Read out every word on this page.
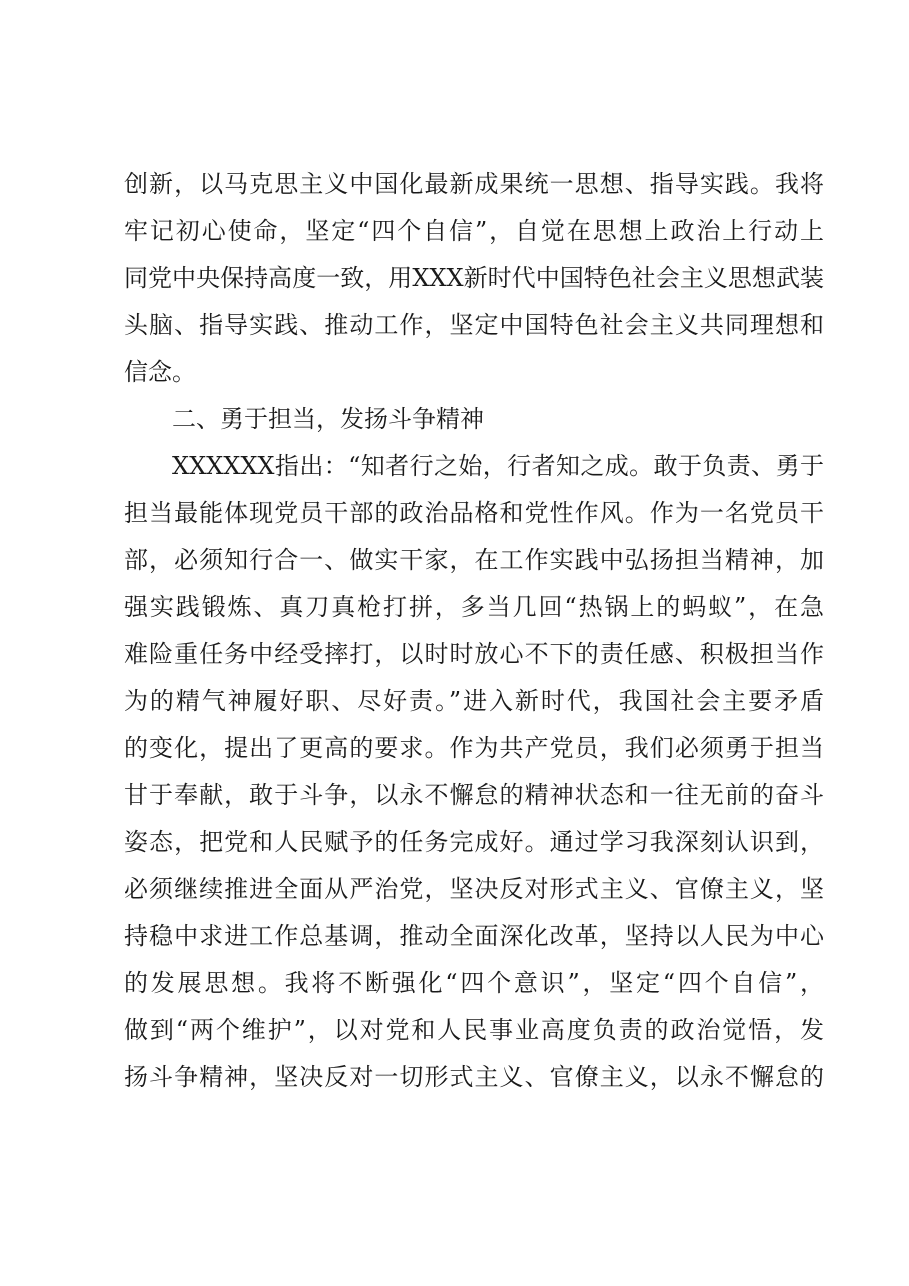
创新，以马克思主义中国化最新成果统一思想、指导实践。我将
牢记初心使命，坚定“四个自信”，自觉在思想上政治上行动上
同党中央保持高度一致，用XXX新时代中国特色社会主义思想武装
头脑、指导实践、推动工作，坚定中国特色社会主义共同理想和
信念。
二、勇于担当，发扬斗争精神
XXXXXX指出：“知者行之始，行者知之成。敢于负责、勇于
担当最能体现党员干部的政治品格和党性作风。作为一名党员干
部，必须知行合一、做实干家，在工作实践中弘扬担当精神，加
强实践锻炼、真刀真枪打拼，多当几回“热锅上的蚂蚁”，在急
难险重任务中经受摔打，以时时放心不下的责任感、积极担当作
为的精气神履好职、尽好责。”进入新时代，我国社会主要矛盾
的变化，提出了更高的要求。作为共产党员，我们必须勇于担当
甘于奉献，敢于斗争，以永不懈怠的精神状态和一往无前的奋斗
姿态，把党和人民赋予的任务完成好。通过学习我深刻认识到，
必须继续推进全面从严治党，坚决反对形式主义、官僚主义，坚
持稳中求进工作总基调，推动全面深化改革，坚持以人民为中心
的发展思想。我将不断强化“四个意识”，坚定“四个自信”，
做到“两个维护”，以对党和人民事业高度负责的政治觉悟，发
扬斗争精神，坚决反对一切形式主义、官僚主义，以永不懈怠的
